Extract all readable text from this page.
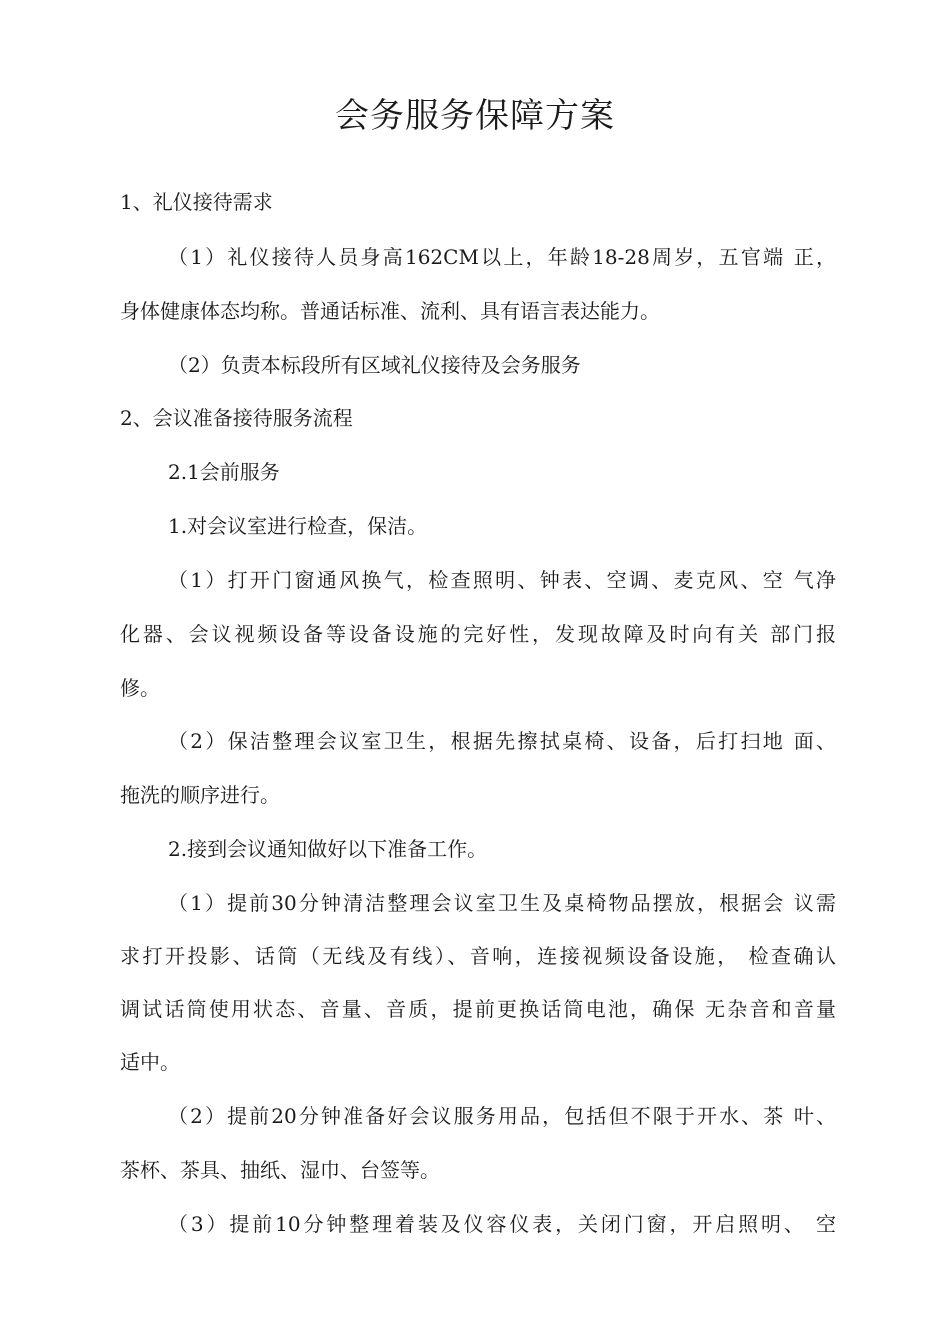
会务服务保障方案
1、礼仪接待需求
（1）礼仪接待人员身高162CM以上，年龄18-28周岁，五官端 正，
身体健康体态均称。普通话标准、流利、具有语言表达能力。
（2）负责本标段所有区域礼仪接待及会务服务
2、会议准备接待服务流程
2.1会前服务
1.对会议室进行检查，保洁。
（1）打开门窗通风换气，检查照明、钟表、空调、麦克风、空 气净
化器、会议视频设备等设备设施的完好性，发现故障及时向有关 部门报
修。
（2）保洁整理会议室卫生，根据先擦拭桌椅、设备，后打扫地 面、
拖洗的顺序进行。
2.接到会议通知做好以下准备工作。
（1）提前30分钟清洁整理会议室卫生及桌椅物品摆放，根据会 议需
求打开投影、话筒（无线及有线）、音响，连接视频设备设施， 检查确认
调试话筒使用状态、音量、音质，提前更换话筒电池，确保 无杂音和音量
适中。
（2）提前20分钟准备好会议服务用品，包括但不限于开水、茶 叶、
茶杯、茶具、抽纸、湿巾、台签等。
（3）提前10分钟整理着装及仪容仪表，关闭门窗，开启照明、 空
